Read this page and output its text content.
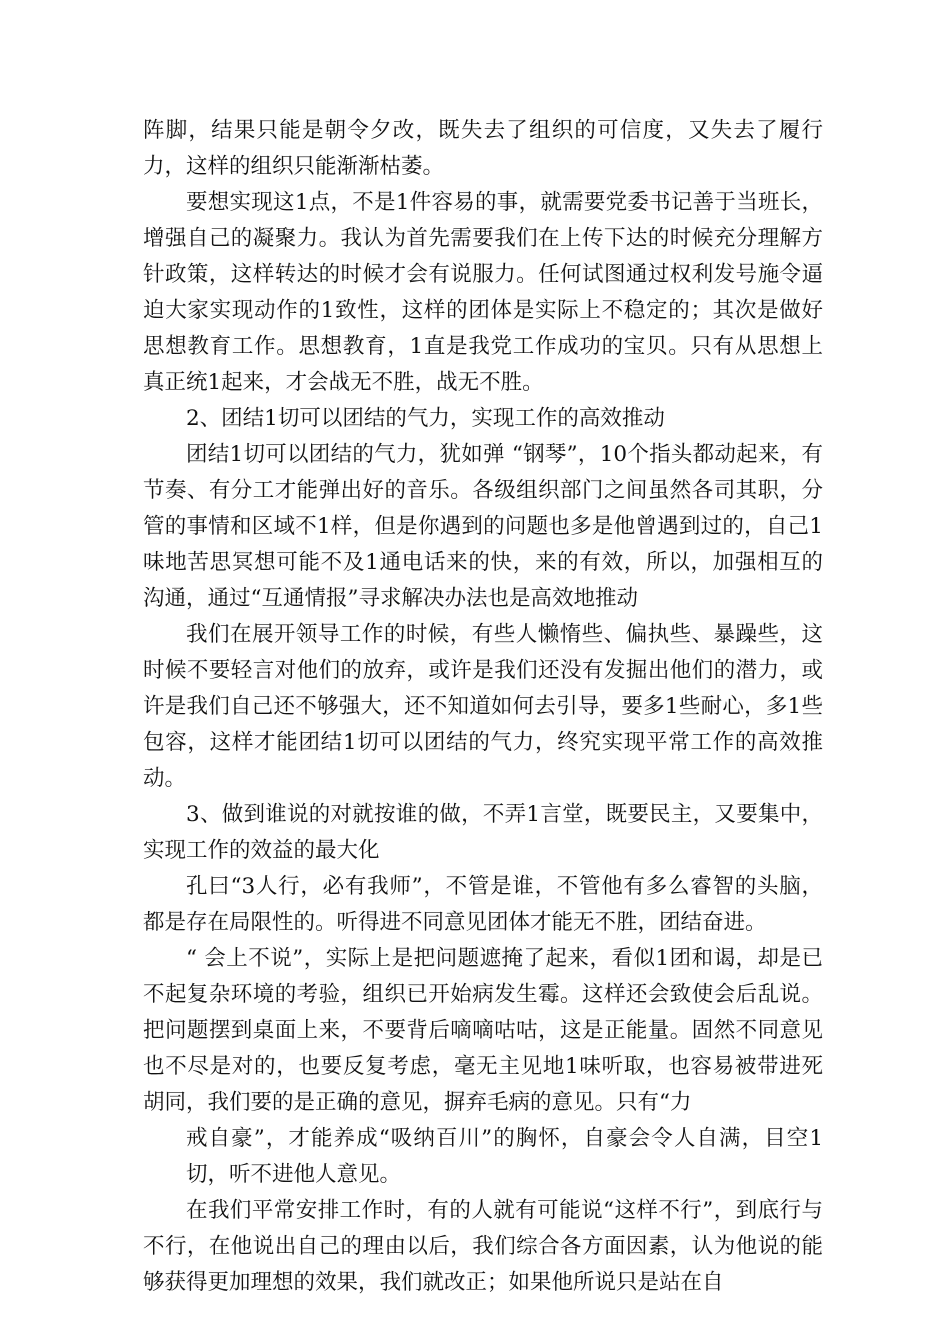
阵脚，结果只能是朝令夕改，既失去了组织的可信度，又失去了履行力，这样的组织只能渐渐枯萎。

要想实现这1点，不是1件容易的事，就需要党委书记善于当班长，增强自己的凝聚力。我认为首先需要我们在上传下达的时候充分理解方针政策，这样转达的时候才会有说服力。任何试图通过权利发号施令逼迫大家实现动作的1致性，这样的团体是实际上不稳定的；其次是做好思想教育工作。思想教育，1直是我党工作成功的宝贝。只有从思想上真正统1起来，才会战无不胜，战无不胜。

2、团结1切可以团结的气力，实现工作的高效推动

团结1切可以团结的气力，犹如弹 “钢琴”，10个指头都动起来，有节奏、有分工才能弹出好的音乐。各级组织部门之间虽然各司其职，分管的事情和区域不1样，但是你遇到的问题也多是他曾遇到过的，自己1味地苦思冥想可能不及1通电话来的快，来的有效，所以，加强相互的沟通，通过“互通情报”寻求解决办法也是高效地推动

我们在展开领导工作的时候，有些人懒惰些、偏执些、暴躁些，这时候不要轻言对他们的放弃，或许是我们还没有发掘出他们的潜力，或许是我们自己还不够强大，还不知道如何去引导，要多1些耐心，多1些包容，这样才能团结1切可以团结的气力，终究实现平常工作的高效推动。

3、做到谁说的对就按谁的做，不弄1言堂，既要民主，又要集中，实现工作的效益的最大化

孔曰“3人行，必有我师”，不管是谁，不管他有多么睿智的头脑，都是存在局限性的。听得进不同意见团体才能无不胜，团结奋进。

“ 会上不说”，实际上是把问题遮掩了起来，看似1团和谒，却是已不起复杂环境的考验，组织已开始病发生霉。这样还会致使会后乱说。把问题摆到桌面上来，不要背后嘀嘀咕咕，这是正能量。固然不同意见也不尽是对的，也要反复考虑，毫无主见地1味听取，也容易被带进死胡同，我们要的是正确的意见，摒弃毛病的意见。只有“力

戒自豪”，才能养成“吸纳百川”的胸怀，自豪会令人自满，目空1切，听不进他人意见。

在我们平常安排工作时，有的人就有可能说“这样不行”，到底行与不行，在他说出自己的理由以后，我们综合各方面因素，认为他说的能够获得更加理想的效果，我们就改正；如果他所说只是站在自
